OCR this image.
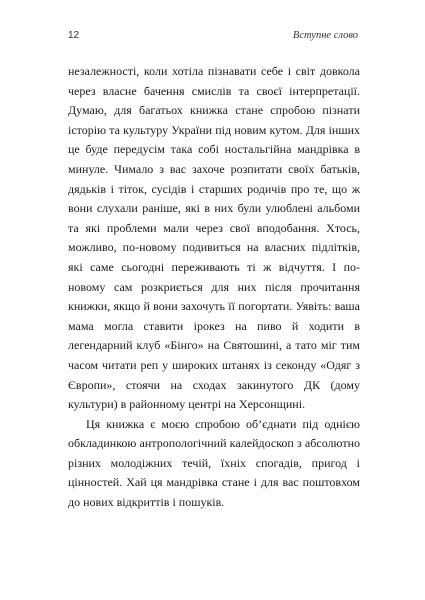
12	Вступне слово

незалежності, коли хотіла пізнавати себе і світ довкола через власне бачення смислів та своєї інтерпретації. Думаю, для багатьох книжка стане спробою пізнати історію та культуру України під новим кутом. Для інших це буде передусім така собі ностальгійна мандрівка в минуле. Чимало з вас захоче розпитати своїх батьків, дядьків і тіток, сусідів і старших родичів про те, що ж вони слухали раніше, які в них були улюблені альбоми та які проблеми мали через свої вподобання. Хтось, можливо, по-новому подивиться на власних підлітків, які саме сьогодні переживають ті ж відчуття. І по-новому сам розкриється для них після прочитання книжки, якщо й вони захочуть її погортати. Уявіть: ваша мама могла ставити ірокез на пиво й ходити в легендарний клуб «Бінго» на Святошині, а тато міг тим часом читати реп у широких штанях із секонду «Одяг з Європи», стоячи на сходах закинутого ДК (дому культури) в районному центрі на Херсонщині.

Ця книжка є моєю спробою об’єднати під однією обкладинкою антропологічний калейдоскоп з абсолютно різних молодіжних течій, їхніх спогадів, пригод і цінностей. Хай ця мандрівка стане і для вас поштовхом до нових відкриттів і пошуків.
